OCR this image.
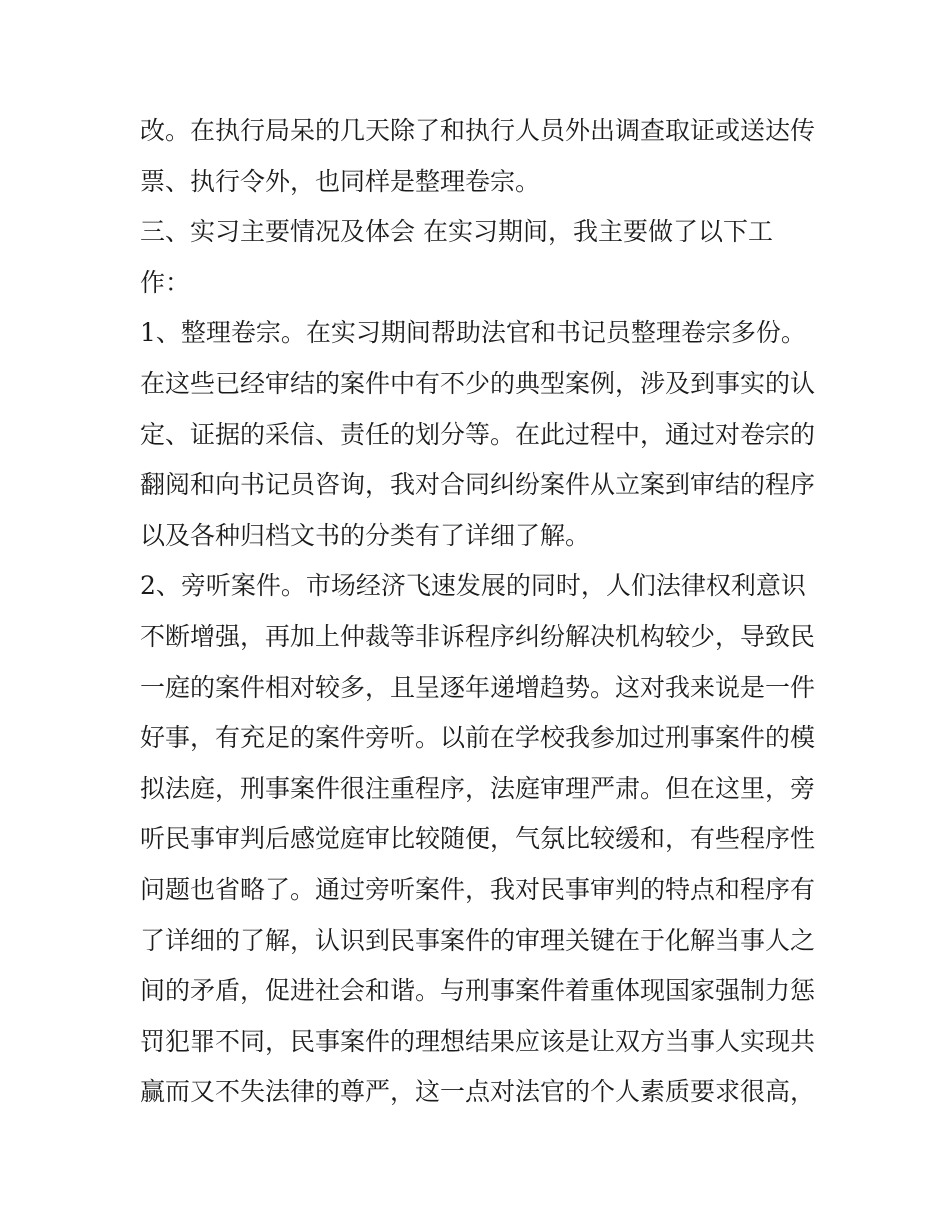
改。在执行局呆的几天除了和执行人员外出调查取证或送达传
票、执行令外，也同样是整理卷宗。
三、实习主要情况及体会 在实习期间，我主要做了以下工
作：
1、整理卷宗。在实习期间帮助法官和书记员整理卷宗多份。
在这些已经审结的案件中有不少的典型案例，涉及到事实的认
定、证据的采信、责任的划分等。在此过程中，通过对卷宗的
翻阅和向书记员咨询，我对合同纠纷案件从立案到审结的程序
以及各种归档文书的分类有了详细了解。
2、旁听案件。市场经济飞速发展的同时，人们法律权利意识
不断增强，再加上仲裁等非诉程序纠纷解决机构较少，导致民
一庭的案件相对较多，且呈逐年递增趋势。这对我来说是一件
好事，有充足的案件旁听。以前在学校我参加过刑事案件的模
拟法庭，刑事案件很注重程序，法庭审理严肃。但在这里，旁
听民事审判后感觉庭审比较随便，气氛比较缓和，有些程序性
问题也省略了。通过旁听案件，我对民事审判的特点和程序有
了详细的了解，认识到民事案件的审理关键在于化解当事人之
间的矛盾，促进社会和谐。与刑事案件着重体现国家强制力惩
罚犯罪不同，民事案件的理想结果应该是让双方当事人实现共
赢而又不失法律的尊严，这一点对法官的个人素质要求很高，
